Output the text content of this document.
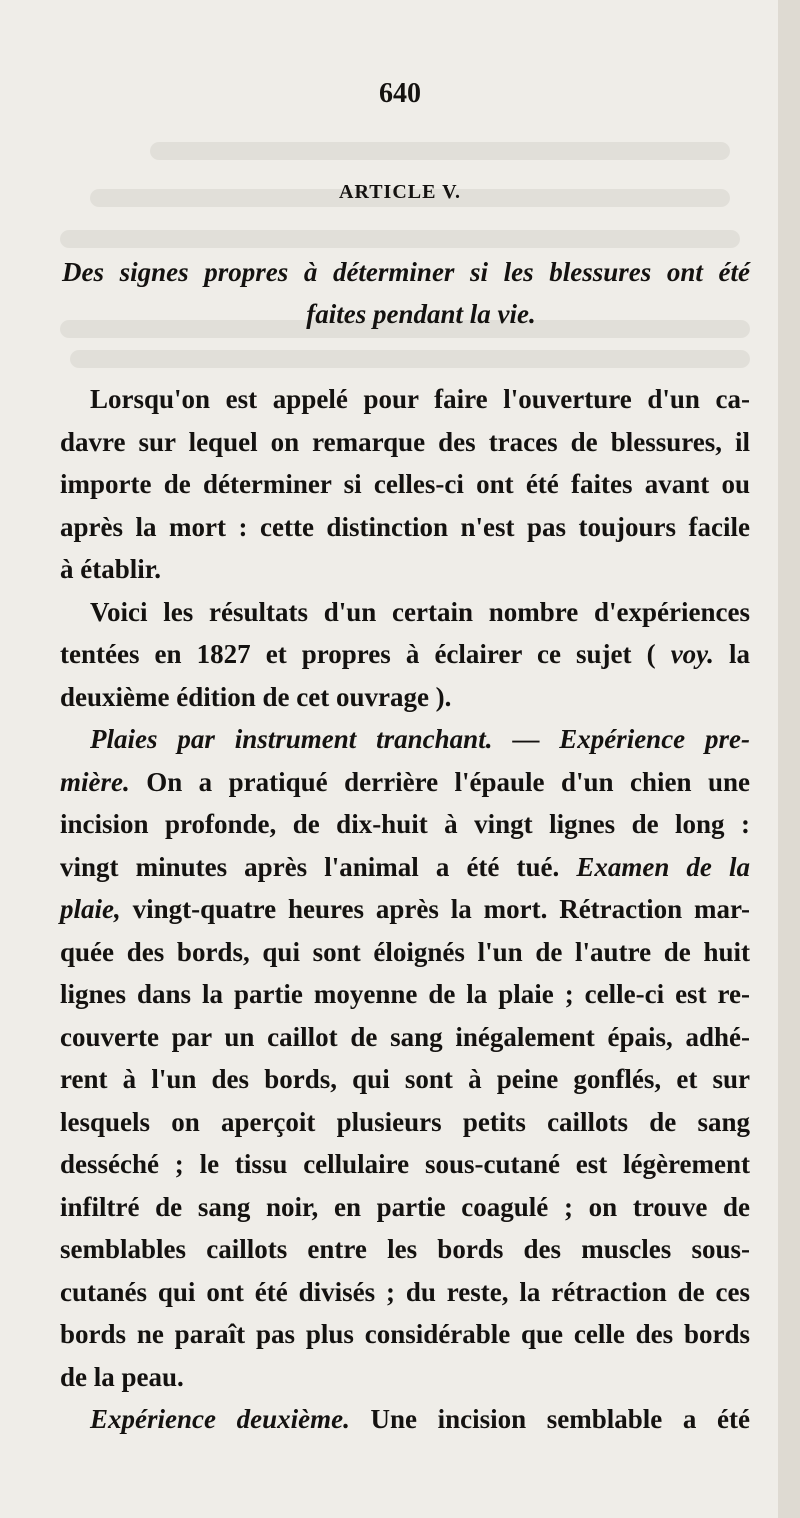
640
ARTICLE V.
Des signes propres à déterminer si les blessures ont été
faites pendant la vie.
Lorsqu'on est appelé pour faire l'ouverture d'un ca-
davre sur lequel on remarque des traces de blessures, il
importe de déterminer si celles-ci ont été faites avant ou
après la mort : cette distinction n'est pas toujours facile
à établir.
Voici les résultats d'un certain nombre d'expériences
tentées en 1827 et propres à éclairer ce sujet ( voy. la
deuxième édition de cet ouvrage ).
Plaies par instrument tranchant. — Expérience pre-
mière. On a pratiqué derrière l'épaule d'un chien une
incision profonde, de dix-huit à vingt lignes de long :
vingt minutes après l'animal a été tué. Examen de la
plaie, vingt-quatre heures après la mort. Rétraction mar-
quée des bords, qui sont éloignés l'un de l'autre de huit
lignes dans la partie moyenne de la plaie ; celle-ci est re-
couverte par un caillot de sang inégalement épais, adhé-
rent à l'un des bords, qui sont à peine gonflés, et sur
lesquels on aperçoit plusieurs petits caillots de sang
desséché ; le tissu cellulaire sous-cutané est légèrement
infiltré de sang noir, en partie coagulé ; on trouve de
semblables caillots entre les bords des muscles sous-
cutanés qui ont été divisés ; du reste, la rétraction de ces
bords ne paraît pas plus considérable que celle des bords
de la peau.
Expérience deuxième. Une incision semblable a été
